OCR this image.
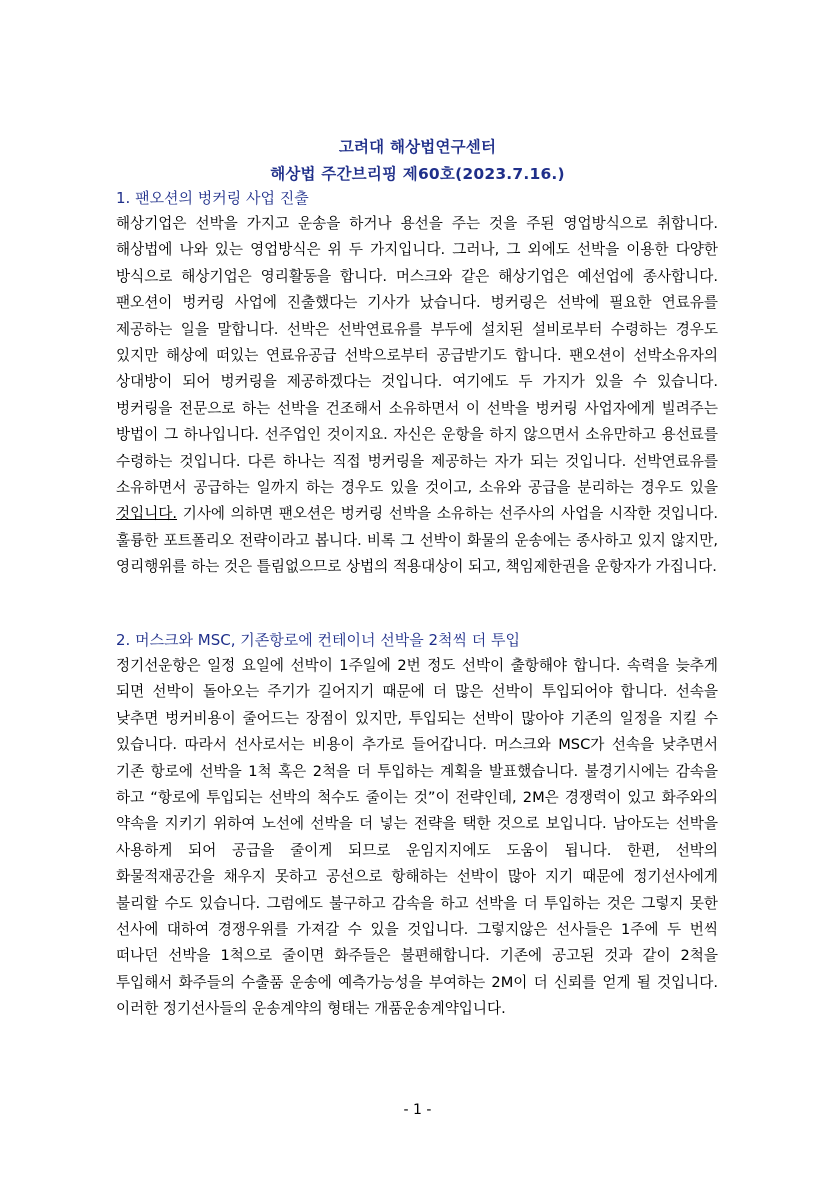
고려대 해상법연구센터
해상법 주간브리핑 제60호(2023.7.16.)
1. 팬오션의 벙커링 사업 진출

해상기업은 선박을 가지고 운송을 하거나 용선을 주는 것을 주된 영업방식으로 취합니다. 해상법에 나와 있는 영업방식은 위 두 가지입니다. 그러나, 그 외에도 선박을 이용한 다양한 방식으로 해상기업은 영리활동을 합니다. 머스크와 같은 해상기업은 예선업에 종사합니다. 팬오션이 벙커링 사업에 진출했다는 기사가 났습니다. 벙커링은 선박에 필요한 연료유를 제공하는 일을 말합니다. 선박은 선박연료유를 부두에 설치된 설비로부터 수령하는 경우도 있지만 해상에 떠있는 연료유공급 선박으로부터 공급받기도 합니다. 팬오션이 선박소유자의 상대방이 되어 벙커링을 제공하겠다는 것입니다. 여기에도 두 가지가 있을 수 있습니다. 벙커링을 전문으로 하는 선박을 건조해서 소유하면서 이 선박을 벙커링 사업자에게 빌려주는 방법이 그 하나입니다. 선주업인 것이지요. 자신은 운항을 하지 않으면서 소유만하고 용선료를 수령하는 것입니다. 다른 하나는 직접 벙커링을 제공하는 자가 되는 것입니다. 선박연료유를 소유하면서 공급하는 일까지 하는 경우도 있을 것이고, 소유와 공급을 분리하는 경우도 있을 것입니다. 기사에 의하면 팬오션은 벙커링 선박을 소유하는 선주사의 사업을 시작한 것입니다. 훌륭한 포트폴리오 전략이라고 봅니다. 비록 그 선박이 화물의 운송에는 종사하고 있지 않지만, 영리행위를 하는 것은 틀림없으므로 상법의 적용대상이 되고, 책임제한권을 운항자가 가집니다.

2. 머스크와 MSC, 기존항로에 컨테이너 선박을 2척씩 더 투입

정기선운항은 일정 요일에 선박이 1주일에 2번 정도 선박이 출항해야 합니다. 속력을 늦추게 되면 선박이 돌아오는 주기가 길어지기 때문에 더 많은 선박이 투입되어야 합니다. 선속을 낮추면 벙커비용이 줄어드는 장점이 있지만, 투입되는 선박이 많아야 기존의 일정을 지킬 수 있습니다. 따라서 선사로서는 비용이 추가로 들어갑니다. 머스크와 MSC가 선속을 낮추면서 기존 항로에 선박을 1척 혹은 2척을 더 투입하는 계획을 발표했습니다. 불경기시에는 감속을 하고 “항로에 투입되는 선박의 척수도 줄이는 것”이 전략인데, 2M은 경쟁력이 있고 화주와의 약속을 지키기 위하여 노선에 선박을 더 넣는 전략을 택한 것으로 보입니다. 남아도는 선박을 사용하게 되어 공급을 줄이게 되므로 운임지지에도 도움이 됩니다. 한편, 선박의 화물적재공간을 채우지 못하고 공선으로 항해하는 선박이 많아 지기 때문에 정기선사에게 불리할 수도 있습니다. 그럼에도 불구하고 감속을 하고 선박을 더 투입하는 것은 그렇지 못한 선사에 대하여 경쟁우위를 가져갈 수 있을 것입니다. 그렇지않은 선사들은 1주에 두 번씩 떠나던 선박을 1척으로 줄이면 화주들은 불편해합니다. 기존에 공고된 것과 같이 2척을 투입해서 화주들의 수출품 운송에 예측가능성을 부여하는 2M이 더 신뢰를 얻게 될 것입니다. 이러한 정기선사들의 운송계약의 형태는 개품운송계약입니다.

- 1 -
